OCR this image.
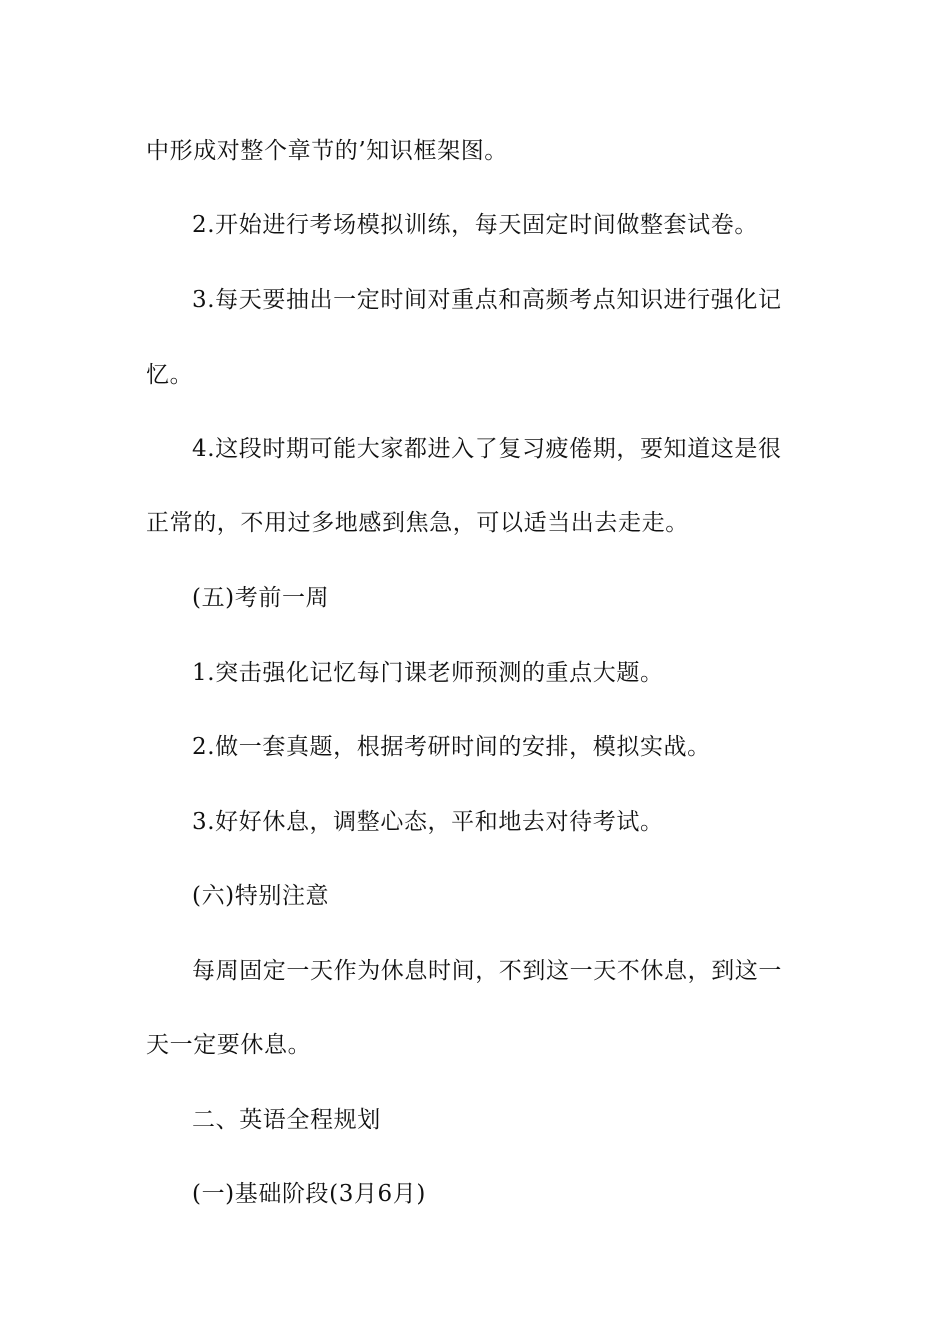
中形成对整个章节的’知识框架图。
2.开始进行考场模拟训练，每天固定时间做整套试卷。
3.每天要抽出一定时间对重点和高频考点知识进行强化记
忆。
4.这段时期可能大家都进入了复习疲倦期，要知道这是很
正常的，不用过多地感到焦急，可以适当出去走走。
(五)考前一周
1.突击强化记忆每门课老师预测的重点大题。
2.做一套真题，根据考研时间的安排，模拟实战。
3.好好休息，调整心态，平和地去对待考试。
(六)特别注意
每周固定一天作为休息时间，不到这一天不休息，到这一
天一定要休息。
二、英语全程规划
(一)基础阶段(3月6月)
